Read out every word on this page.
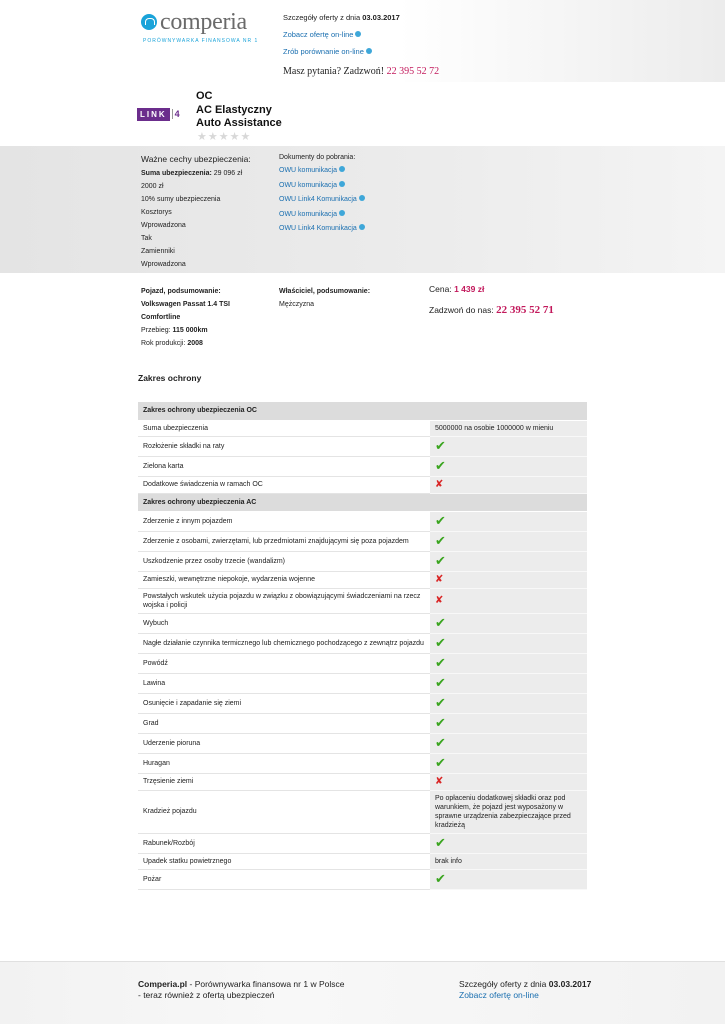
comperia
PORÓWNYWARKA FINANSOWA NR 1
Szczegóły oferty z dnia 03.03.2017
Zobacz ofertę on-line
Zrób porównanie on-line
Masz pytania? Zadzwoń! 22 395 52 72
LINK 4
OC
AC Elastyczny
Auto Assistance
★ ★ ★ ★ ★
Ważne cechy ubezpieczenia:
Suma ubezpieczenia: 29 096 zł
2000 zł
10% sumy ubezpieczenia
Kosztorys
Wprowadzona
Tak
Zamienniki
Wprowadzona
Dokumenty do pobrania:
OWU komunikacja
OWU komunikacja
OWU Link4 Komunikacja
OWU komunikacja
OWU Link4 Komunikacja
Pojazd, podsumowanie:
Volkswagen Passat 1.4 TSI
Comfortline
Przebieg: 115 000km
Rok produkcji: 2008
Właściciel, podsumowanie:
Mężczyzna
Cena: 1 439 zł
Zadzwoń do nas: 22 395 52 71
Zakres ochrony
Zakres ochrony ubezpieczenia OC	
Suma ubezpieczenia	5000000 na osobie 1000000 w mieniu
Rozłożenie składki na raty	✔
Zielona karta	✔
Dodatkowe świadczenia w ramach OC	✘
Zakres ochrony ubezpieczenia AC	
Zderzenie z innym pojazdem	✔
Zderzenie z osobami, zwierzętami, lub przedmiotami znajdującymi się poza pojazdem	✔
Uszkodzenie przez osoby trzecie (wandalizm)	✔
Zamieszki, wewnętrzne niepokoje, wydarzenia wojenne	✘
Powstałych wskutek użycia pojazdu w związku z obowiązującymi świadczeniami na rzecz wojska i policji	✘
Wybuch	✔
Nagłe działanie czynnika termicznego lub chemicznego pochodzącego z zewnątrz pojazdu	✔
Powódź	✔
Lawina	✔
Osunięcie i zapadanie się ziemi	✔
Grad	✔
Uderzenie pioruna	✔
Huragan	✔
Trzęsienie ziemi	✘
Kradzież pojazdu	Po opłaceniu dodatkowej składki oraz pod warunkiem, że pojazd jest wyposażony w sprawne urządzenia zabezpieczające przed kradzieżą
Rabunek/Rozbój	✔
Upadek statku powietrznego	brak info
Pożar	✔
Comperia.pl - Porównywarka finansowa nr 1 w Polsce
- teraz również z ofertą ubezpieczeń
Szczegóły oferty z dnia 03.03.2017
Zobacz ofertę on-line
